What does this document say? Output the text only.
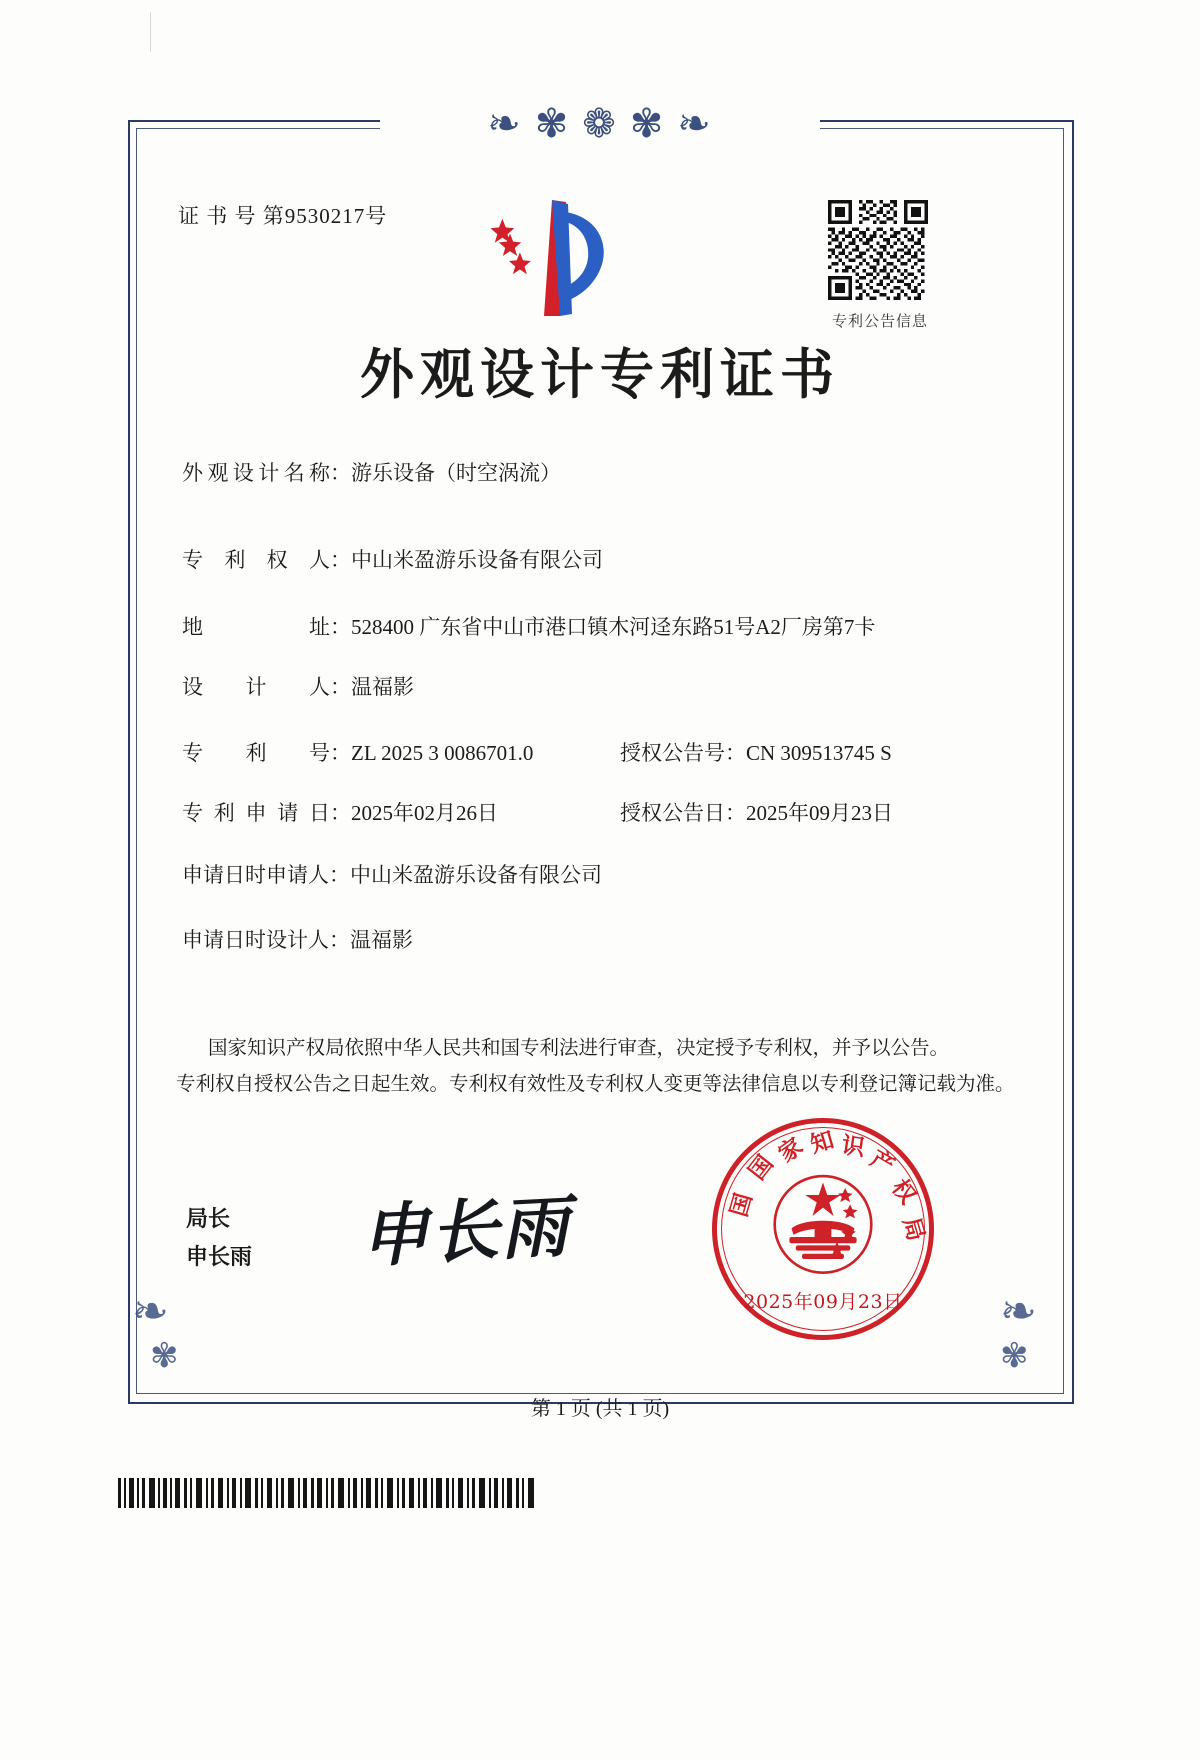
❧ ✾ ❁ ✾ ❧
❧	❧
✾	✾
证 书 号 第9530217号
专利公告信息
外观设计专利证书
外观设计名称：游乐设备（时空涡流）
专利权人：中山米盈游乐设备有限公司
地址：528400 广东省中山市港口镇木河迳东路51号A2厂房第7卡
设计人：温福影
专利号：ZL 2025 3 0086701.0	授权公告号：CN 309513745 S
专利申请日：2025年02月26日	授权公告日：2025年09月23日
申请日时申请人：中山米盈游乐设备有限公司
申请日时设计人：温福影

国家知识产权局依照中华人民共和国专利法进行审查，决定授予专利权，并予以公告。

专利权自授权公告之日起生效。专利权有效性及专利权人变更等法律信息以专利登记簿记载为准。

局长
申长雨 申长雨
国
家 知 识 产
权
局
国
2025年09月23日
第 1 页 (共 1 页)
